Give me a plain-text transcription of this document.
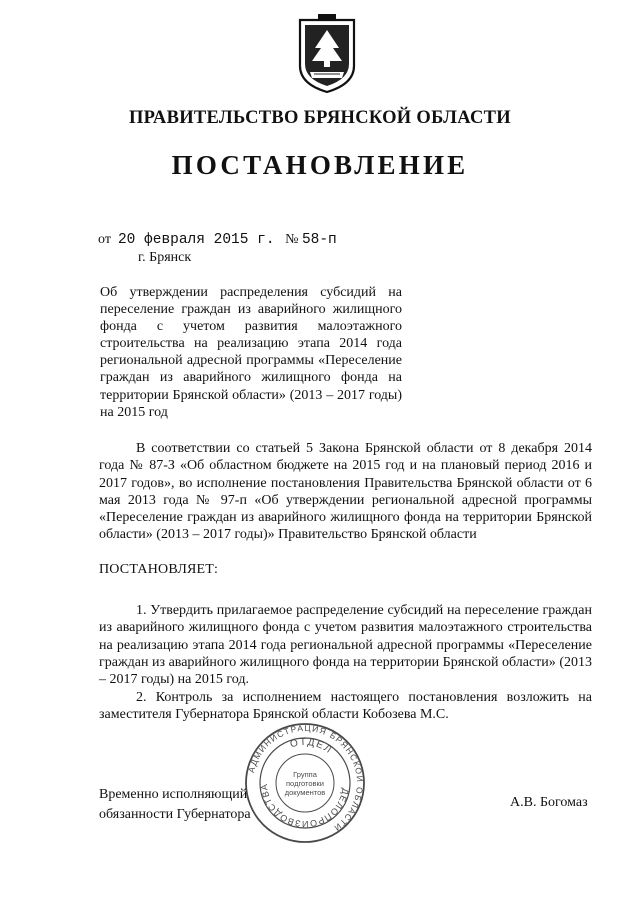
ПРАВИТЕЛЬСТВО БРЯНСКОЙ ОБЛАСТИ
ПОСТАНОВЛЕНИЕ
от 20 февраля 2015 г. № 58-п
г. Брянск
Об утверждении распределения субсидий на переселение граждан из аварийного жилищного фонда с учетом развития малоэтажного строительства на реализацию этапа 2014 года региональной адресной программы «Переселение граждан из аварийного жилищного фонда на территории Брянской области» (2013 – 2017 годы) на 2015 год

В соответствии со статьей 5 Закона Брянской области от 8 декабря 2014 года № 87-З «Об областном бюджете на 2015 год и на плановый период 2016 и 2017 годов», во исполнение постановления Правительства Брянской области от 6 мая 2013 года № 97-п «Об утверждении региональной адресной программы «Переселение граждан из аварийного жилищного фонда на территории Брянской области» (2013 – 2017 годы)» Правительство Брянской области

ПОСТАНОВЛЯЕТ:

1. Утвердить прилагаемое распределение субсидий на переселение граждан из аварийного жилищного фонда с учетом развития малоэтажного строительства на реализацию этапа 2014 года региональной адресной программы «Переселение граждан из аварийного жилищного фонда на территории Брянской области» (2013 – 2017 годы) на 2015 год.

2. Контроль за исполнением настоящего постановления возложить на заместителя Губернатора Брянской области Кобозева М.С.

Временно исполняющий
обязанности Губернатора
А.В. Богомаз
АДМИНИСТРАЦИЯ БРЯНСКОЙ ОБЛАСТИ
ОТДЕЛ
ДЕЛОПРОИЗВОДСТВА
Группа
подготовки
документов
